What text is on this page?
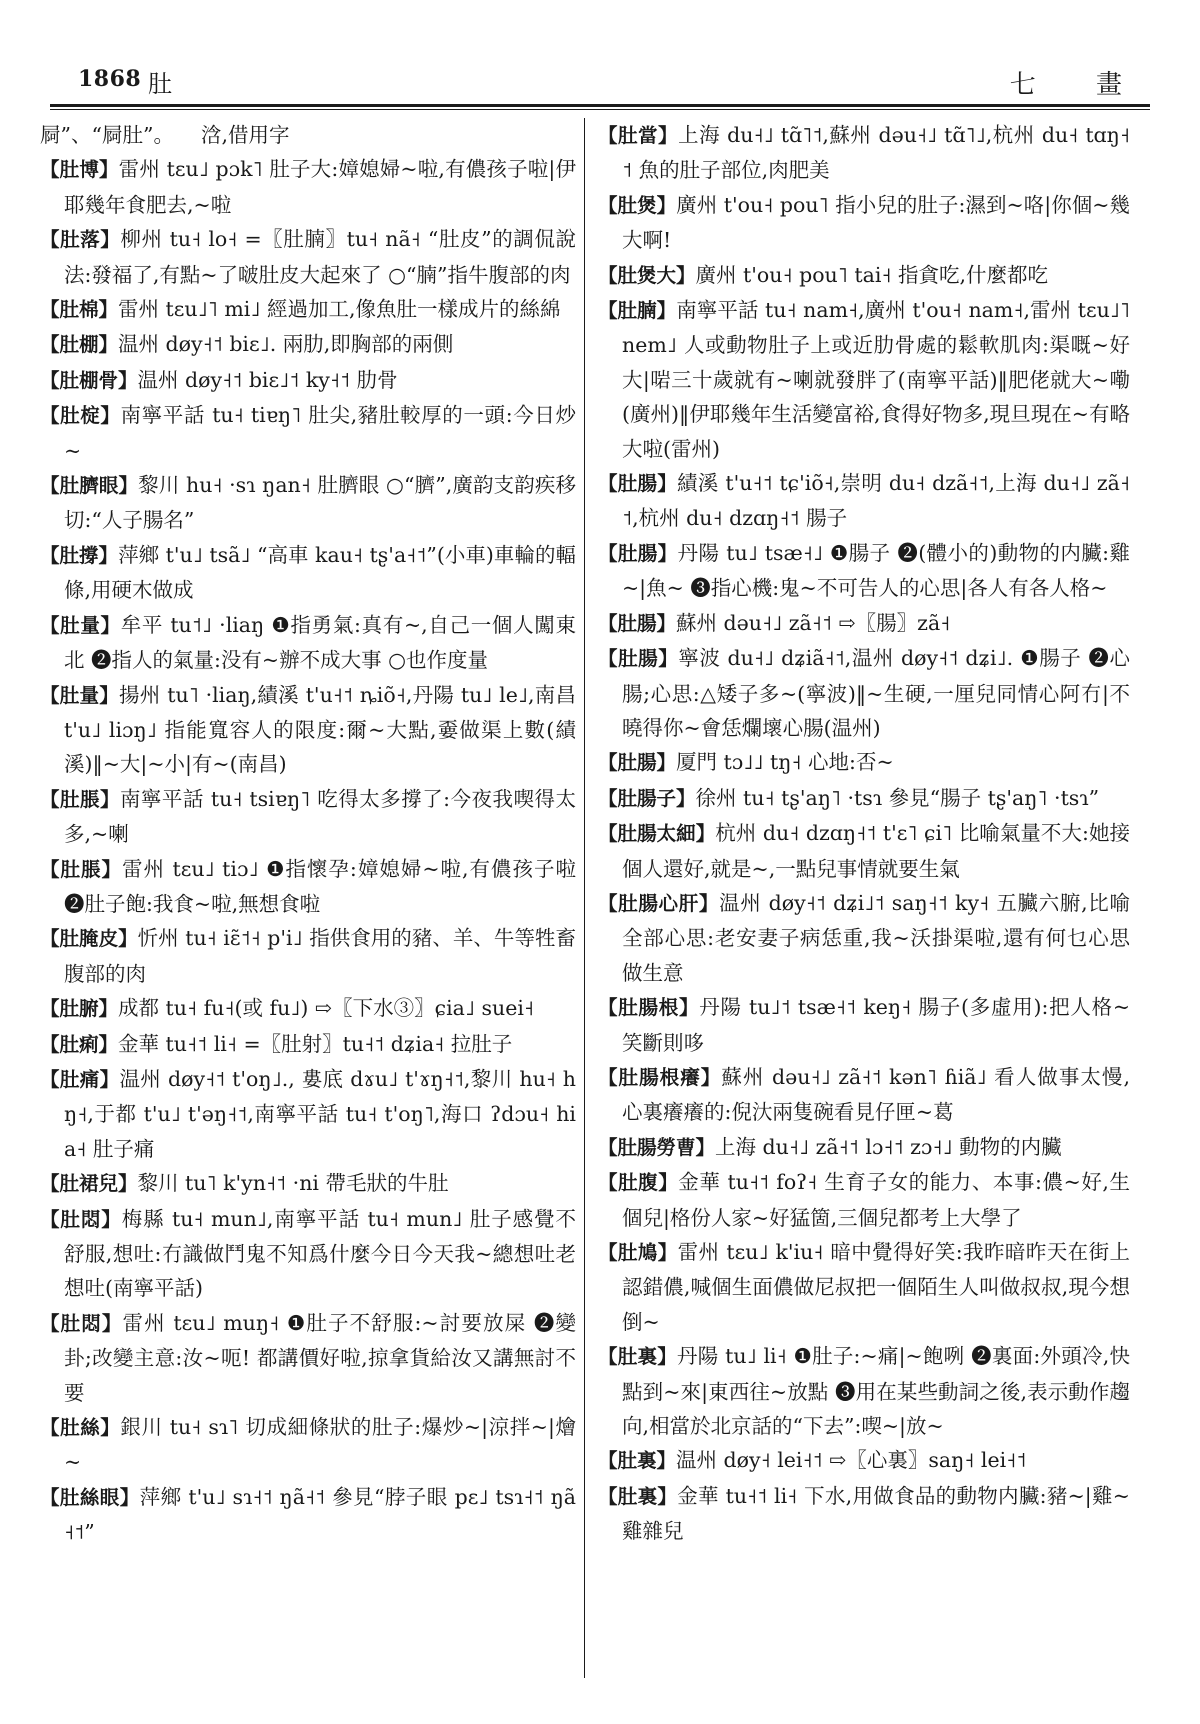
1868 肚	七 畫
屙”、“屙肚”。 　浛,借用字
【肚博】雷州 tɛu˩ pɔk˥ 肚子大:嫜媳婦~啦,有儂孩子啦|伊耶幾年食肥去,~啦
【肚落】柳州 tu˧ lo˧ =〖肚腩〗tu˧ nã˧ “肚皮”的調侃說法:發福了,有點~了啵肚皮大起來了 ○“腩”指牛腹部的肉
【肚棉】雷州 tɛu˩˥ mi˩ 經過加工,像魚肚一樣成片的絲綿
【肚棚】温州 døy˧˦ biɛ˩. 兩肋,即胸部的兩側
【肚棚骨】温州 døy˧˦ biɛ˩˦ ky˧˦ 肋骨
【肚椗】南寧平話 tu˧ tiɐŋ˥ 肚尖,豬肚較厚的一頭:今日炒~
【肚臍眼】黎川 hu˧ ·sɿ ŋan˧ 肚臍眼 ○“臍”,廣韵支韵疾移切:“人子腸名”
【肚撐】萍鄉 t'u˩ tsã˩ “高車 kau˧ tʂ'a˧˦”(小車)車輪的輻條,用硬木做成
【肚量】牟平 tu˦˩ ·liaŋ ❶指勇氣:真有~,自己一個人闖東北 ❷指人的氣量:没有~辦不成大事 ○也作度量
【肚量】揚州 tu˥ ·liaŋ,績溪 t'u˧˦ ȵiõ˧,丹陽 tu˩ le˩,南昌 t'u˩ liɔŋ˩ 指能寬容人的限度:爾~大點,嫑做渠上數(績溪)‖~大|~小|有~(南昌)
【肚脹】南寧平話 tu˧ tsiɐŋ˥ 吃得太多撐了:今夜我喫得太多,~喇
【肚脹】雷州 tɛu˩ tiɔ˩ ❶指懷孕:嫜媳婦~啦,有儂孩子啦 ❷肚子飽:我食~啦,無想食啦
【肚腌皮】忻州 tu˧ iɛ̃˦˧ p'i˩ 指供食用的豬、羊、牛等牲畜腹部的肉
【肚腑】成都 tu˧ fu˧(或 fu˩) ⇨〖下水③〗ɕia˩ suei˧
【肚痢】金華 tu˧˦ li˧ =〖肚射〗tu˧˦ dʑia˧ 拉肚子
【肚痛】温州 døy˧˦ t'oŋ˩., 婁底 dɤu˩ t'ɤŋ˧˦,黎川 hu˧ hŋ˧,于都 t'u˩ t'əŋ˧˦,南寧平話 tu˧ t'oŋ˥,海口 ʔdɔu˧ hia˧ 肚子痛
【肚裙兒】黎川 tu˥ k'yn˧˦ ·ni 帶毛狀的牛肚
【肚悶】梅縣 tu˧ mun˩,南寧平話 tu˧ mun˩ 肚子感覺不舒服,想吐:冇識做鬥鬼不知爲什麼今日今天我~總想吐老想吐(南寧平話)
【肚悶】雷州 tɛu˩ muŋ˧ ❶肚子不舒服:~討要放屎 ❷變卦;改變主意:汝~呃! 都講價好啦,掠拿貨給汝又講無討不要
【肚絲】銀川 tu˧ sɿ˥ 切成細條狀的肚子:爆炒~|涼拌~|燴~
【肚絲眼】萍鄉 t'u˩ sɿ˧˦ ŋã˧˦ 參見“脖子眼 pɛ˩ tsɿ˧˦ ŋã˧˦”
【肚當】上海 du˧˩ tɑ̃˥˦,蘇州 dəu˧˩ tɑ̃˥˩,杭州 du˧ tɑŋ˧˦ 魚的肚子部位,肉肥美
【肚煲】廣州 t'ou˧ pou˥ 指小兒的肚子:濕到~咯|你個~幾大啊!
【肚煲大】廣州 t'ou˧ pou˥ tai˧ 指貪吃,什麼都吃
【肚腩】南寧平話 tu˧ nam˧,廣州 t'ou˧ nam˧,雷州 tɛu˩˥ nem˩ 人或動物肚子上或近肋骨處的鬆軟肌肉:渠嘅~好大|啱三十歲就有~喇就發胖了(南寧平話)‖肥佬就大~嘞(廣州)‖伊耶幾年生活變富裕,食得好物多,現旦現在~有略大啦(雷州)
【肚腸】績溪 t'u˧˦ tɕ'iõ˧,崇明 du˧ dzã˧˦,上海 du˧˩ zã˧˦,杭州 du˧ dzɑŋ˧˦ 腸子
【肚腸】丹陽 tu˩ tsæ˧˩ ❶腸子 ❷(體小的)動物的内臟:雞~|魚~ ❸指心機:鬼~不可告人的心思|各人有各人格~
【肚腸】蘇州 dəu˧˩ zã˧˦ ⇨〖腸〗zã˧
【肚腸】寧波 du˧˩ dʑiã˧˦,温州 døy˧˦ dʑi˩. ❶腸子 ❷心腸;心思:△矮子多~(寧波)‖~生硬,一厘兒同情心阿冇|不曉得你~會恁爛壞心腸(温州)
【肚腸】厦門 tɔ˩˩ tŋ˧ 心地:否~
【肚腸子】徐州 tu˧ tʂ'aŋ˥ ·tsɿ 參見“腸子 tʂ'aŋ˥ ·tsɿ”
【肚腸太細】杭州 du˧ dzɑŋ˧˦ t'ɛ˥ ɕi˥ 比喻氣量不大:她接個人還好,就是~,一點兒事情就要生氣
【肚腸心肝】温州 døy˧˦ dʑi˩˦ saŋ˧˦ ky˧ 五臟六腑,比喻全部心思:老安妻子病恁重,我~沃掛渠啦,還有何乜心思做生意
【肚腸根】丹陽 tu˩˦ tsæ˧˦ keŋ˧ 腸子(多虛用):把人格~笑斷則哆
【肚腸根癢】蘇州 dəu˧˩ zã˧˦ kən˥ ɦiã˩ 看人做事太慢,心裏癢癢的:倪汏兩隻碗看見仔匣~葛
【肚腸勞曹】上海 du˧˩ zã˧˦ lɔ˧˦ zɔ˧˩ 動物的内臟
【肚腹】金華 tu˧˦ foʔ˧ 生育子女的能力、本事:儂~好,生個兒|格份人家~好猛箇,三個兒都考上大學了
【肚鳩】雷州 tɛu˩ k'iu˧ 暗中覺得好笑:我昨暗昨天在街上認錯儂,喊個生面儂做尼叔把一個陌生人叫做叔叔,現今想倒~
【肚裏】丹陽 tu˩ li˧ ❶肚子:~痛|~飽咧 ❷裏面:外頭冷,快點到~來|東西往~放點 ❸用在某些動詞之後,表示動作趨向,相當於北京話的“下去”:喫~|放~
【肚裏】温州 døy˧ lei˧˦ ⇨〖心裏〗saŋ˧ lei˧˦
【肚裏】金華 tu˧˦ li˧ 下水,用做食品的動物内臟:豬~|雞~雞雜兒
